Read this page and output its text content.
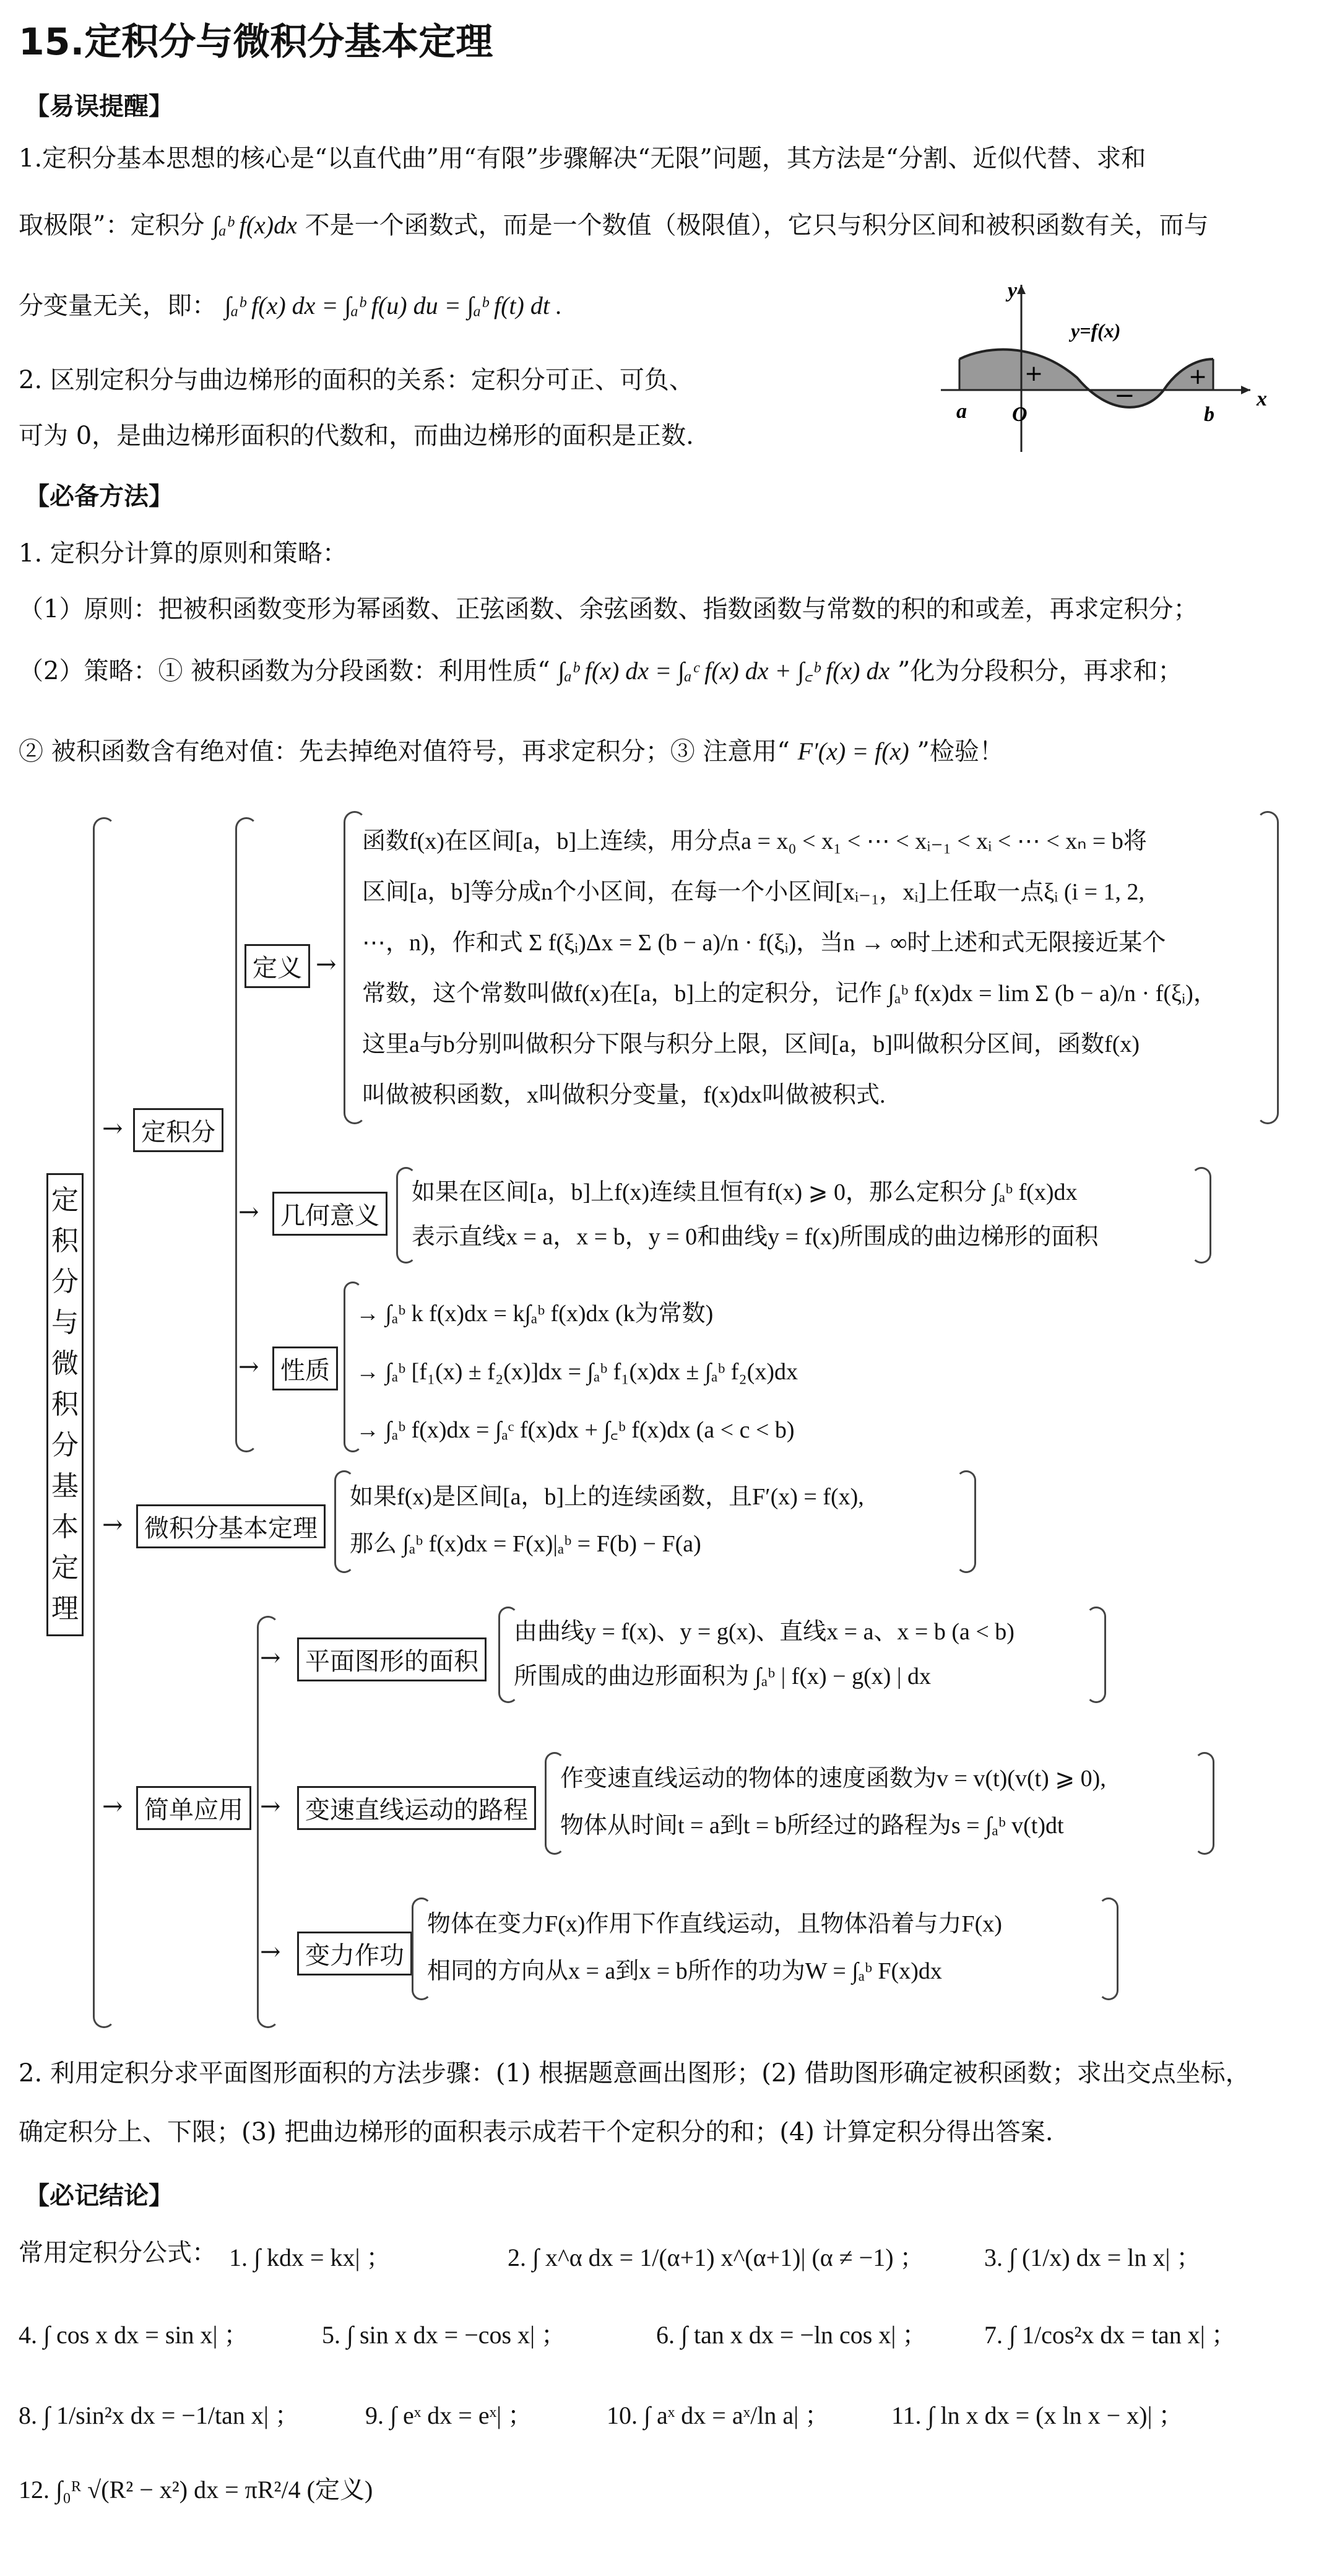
15.定积分与微积分基本定理
【易误提醒】
1.定积分基本思想的核心是“以直代曲”用“有限”步骤解决“无限”问题，其方法是“分割、近似代替、求和
取极限”：定积分 ∫ₐᵇ f(x)dx 不是一个函数式，而是一个数值（极限值），它只与积分区间和被积函数有关，而与
分变量无关，即： ∫ₐᵇ f(x) dx = ∫ₐᵇ f(u) du = ∫ₐᵇ f(t) dt .
2. 区别定积分与曲边梯形的面积的关系：定积分可正、可负、
可为 0，是曲边梯形面积的代数和，而曲边梯形的面积是正数.
y
x
y=f(x)
a O	b
+
−
+
【必备方法】
1. 定积分计算的原则和策略：
（1）原则：把被积函数变形为幂函数、正弦函数、余弦函数、指数函数与常数的积的和或差，再求定积分；
（2）策略：① 被积函数为分段函数：利用性质“ ∫ₐᵇ f(x) dx = ∫ₐᶜ f(x) dx + ∫꜀ᵇ f(x) dx ”化为分段积分，再求和；
② 被积函数含有绝对值：先去掉绝对值符号，再求定积分；③ 注意用“ F′(x) = f(x) ”检验！
定
积
分
与
微
积
分
基
本
定
理
→ 定积分
定义 →
函数f(x)在区间[a，b]上连续，用分点a = x₀ < x₁ < ⋯ < xᵢ₋₁ < xᵢ < ⋯ < xₙ = b将
区间[a，b]等分成n个小区间，在每一个小区间[xᵢ₋₁，xᵢ]上任取一点ξᵢ (i = 1, 2,
⋯，n)，作和式 Σ f(ξᵢ)Δx = Σ (b − a)/n · f(ξᵢ)，当n → ∞时上述和式无限接近某个
常数，这个常数叫做f(x)在[a，b]上的定积分，记作 ∫ₐᵇ f(x)dx = lim Σ (b − a)/n · f(ξᵢ)，
这里a与b分别叫做积分下限与积分上限，区间[a，b]叫做积分区间，函数f(x)
叫做被积函数，x叫做积分变量，f(x)dx叫做被积式.
→ 几何意义
如果在区间[a，b]上f(x)连续且恒有f(x) ⩾ 0，那么定积分 ∫ₐᵇ f(x)dx
表示直线x = a，x = b，y = 0和曲线y = f(x)所围成的曲边梯形的面积
→ 性质
→ ∫ₐᵇ k f(x)dx = k∫ₐᵇ f(x)dx (k为常数)
→ ∫ₐᵇ [f₁(x) ± f₂(x)]dx = ∫ₐᵇ f₁(x)dx ± ∫ₐᵇ f₂(x)dx
→ ∫ₐᵇ f(x)dx = ∫ₐᶜ f(x)dx + ∫꜀ᵇ f(x)dx (a < c < b)
→ 微积分基本定理
如果f(x)是区间[a，b]上的连续函数，且F′(x) = f(x),
那么 ∫ₐᵇ f(x)dx = F(x)|ₐᵇ = F(b) − F(a)
→ 简单应用
→ 平面图形的面积
由曲线y = f(x)、y = g(x)、直线x = a、x = b (a < b)
所围成的曲边形面积为 ∫ₐᵇ | f(x) − g(x) | dx
→ 变速直线运动的路程
作变速直线运动的物体的速度函数为v = v(t)(v(t) ⩾ 0),
物体从时间t = a到t = b所经过的路程为s = ∫ₐᵇ v(t)dt
→ 变力作功
物体在变力F(x)作用下作直线运动，且物体沿着与力F(x)
相同的方向从x = a到x = b所作的功为W = ∫ₐᵇ F(x)dx
2. 利用定积分求平面图形面积的方法步骤：(1) 根据题意画出图形；(2) 借助图形确定被积函数；求出交点坐标，
确定积分上、下限；(3) 把曲边梯形的面积表示成若干个定积分的和；(4) 计算定积分得出答案.
【必记结论】
常用定积分公式： 1. ∫ kdx = kx| ；	2. ∫ x^α dx = 1/(α+1) x^(α+1)| (α ≠ −1) ； 3. ∫ (1/x) dx = ln x| ；
4. ∫ cos x dx = sin x| ；	5. ∫ sin x dx = −cos x| ；	6. ∫ tan x dx = −ln cos x| ； 7. ∫ 1/cos²x dx = tan x| ；
8. ∫ 1/sin²x dx = −1/tan x| ；	9. ∫ eˣ dx = eˣ| ；	10. ∫ aˣ dx = aˣ/ln a| ； 11. ∫ ln x dx = (x ln x − x)| ；
12. ∫₀ᴿ √(R² − x²) dx = πR²/4 (定义)
